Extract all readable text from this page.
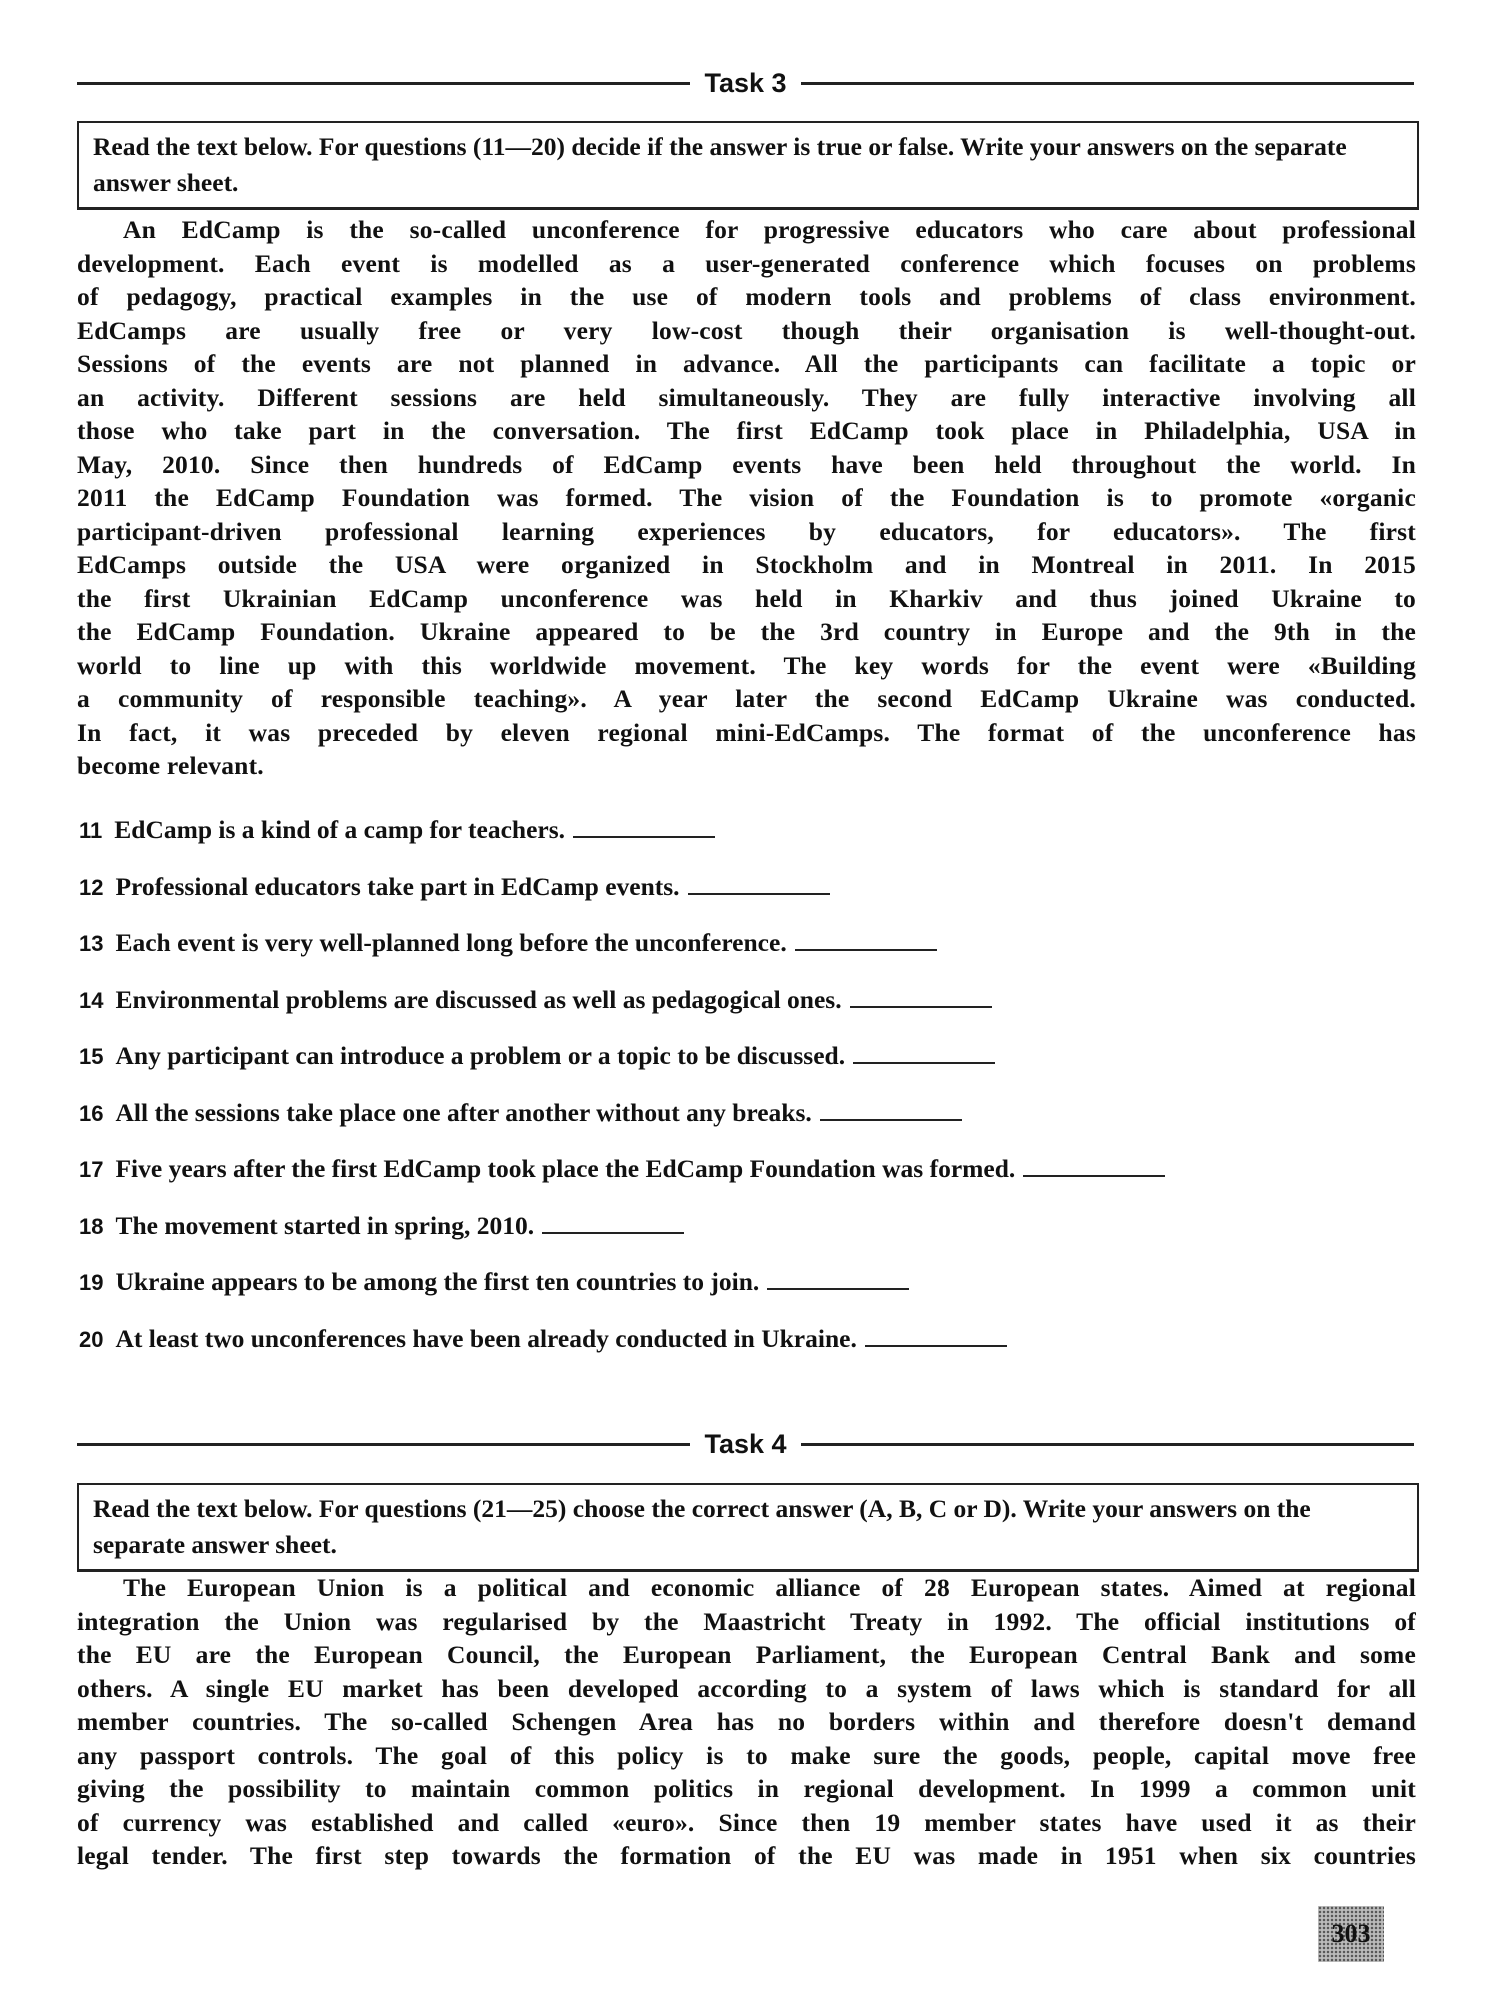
Task 3
Read the text below. For questions (11—20) decide if the answer is true or false. Write your answers on the separate answer sheet.
An EdCamp is the so-called unconference for progressive educators who care about professional
development. Each event is modelled as a user-generated conference which focuses on problems
of pedagogy, practical examples in the use of modern tools and problems of class environment.
EdCamps are usually free or very low-cost though their organisation is well-thought-out.
Sessions of the events are not planned in advance. All the participants can facilitate a topic or
an activity. Different sessions are held simultaneously. They are fully interactive involving all
those who take part in the conversation. The first EdCamp took place in Philadelphia, USA in
May, 2010. Since then hundreds of EdCamp events have been held throughout the world. In
2011 the EdCamp Foundation was formed. The vision of the Foundation is to promote «organic
participant-driven professional learning experiences by educators, for educators». The first
EdCamps outside the USA were organized in Stockholm and in Montreal in 2011. In 2015
the first Ukrainian EdCamp unconference was held in Kharkiv and thus joined Ukraine to
the EdCamp Foundation. Ukraine appeared to be the 3rd country in Europe and the 9th in the
world to line up with this worldwide movement. The key words for the event were «Building
a community of responsible teaching». A year later the second EdCamp Ukraine was conducted.
In fact, it was preceded by eleven regional mini-EdCamps. The format of the unconference has
become relevant.
11 EdCamp is a kind of a camp for teachers.
12 Professional educators take part in EdCamp events.
13 Each event is very well-planned long before the unconference.
14 Environmental problems are discussed as well as pedagogical ones.
15 Any participant can introduce a problem or a topic to be discussed.
16 All the sessions take place one after another without any breaks.
17 Five years after the first EdCamp took place the EdCamp Foundation was formed.
18 The movement started in spring, 2010.
19 Ukraine appears to be among the first ten countries to join.
20 At least two unconferences have been already conducted in Ukraine.
Task 4
Read the text below. For questions (21—25) choose the correct answer (A, B, C or D). Write your answers on the separate answer sheet.
The European Union is a political and economic alliance of 28 European states. Aimed at regional
integration the Union was regularised by the Maastricht Treaty in 1992. The official institutions of
the EU are the European Council, the European Parliament, the European Central Bank and some
others. A single EU market has been developed according to a system of laws which is standard for all
member countries. The so-called Schengen Area has no borders within and therefore doesn't demand
any passport controls. The goal of this policy is to make sure the goods, people, capital move free
giving the possibility to maintain common politics in regional development. In 1999 a common unit
of currency was established and called «euro». Since then 19 member states have used it as their
legal tender. The first step towards the formation of the EU was made in 1951 when six countries
303
